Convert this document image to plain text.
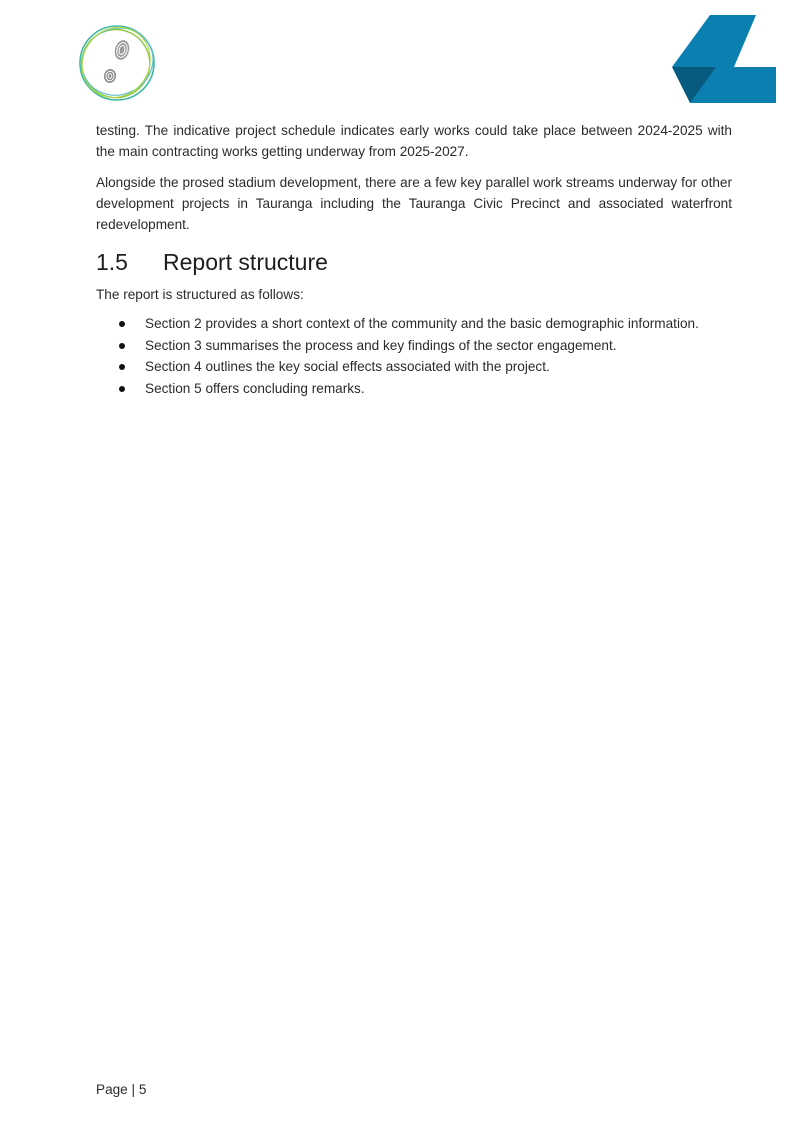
testing. The indicative project schedule indicates early works could take place between 2024-2025 with the main contracting works getting underway from 2025-2027.

Alongside the prosed stadium development, there are a few key parallel work streams underway for other development projects in Tauranga including the Tauranga Civic Precinct and associated waterfront redevelopment.

1.5	Report structure

The report is structured as follows:

Section 2 provides a short context of the community and the basic demographic information.
Section 3 summarises the process and key findings of the sector engagement.
Section 4 outlines the key social effects associated with the project.
Section 5 offers concluding remarks.
Page | 5
